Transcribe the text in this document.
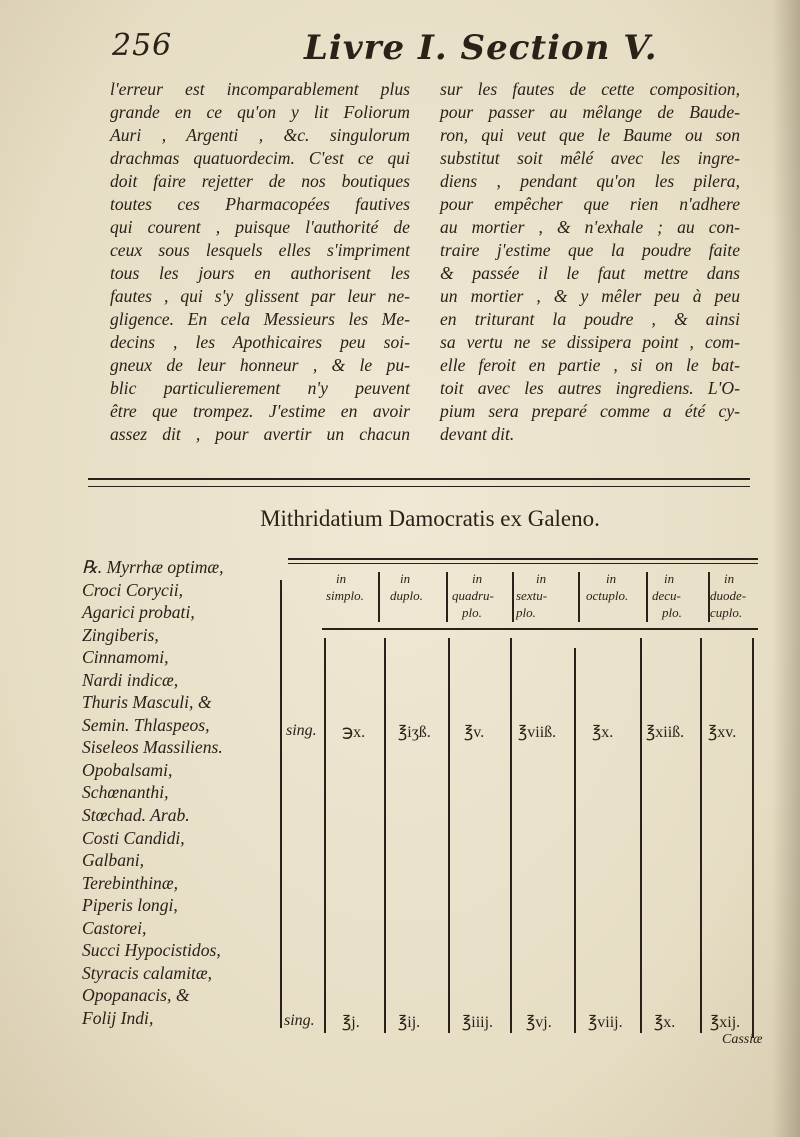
256	Livre I. Section V.
l'erreur est incomparablement plus
grande en ce qu'on y lit Foliorum
Auri , Argenti , &c. singulorum
drachmas quatuordecim. C'est ce qui
doit faire rejetter de nos boutiques
toutes ces Pharmacopées fautives
qui courent , puisque l'authorité de
ceux sous lesquels elles s'impriment
tous les jours en authorisent les
fautes , qui s'y glissent par leur ne-
gligence. En cela Messieurs les Me-
decins , les Apothicaires peu soi-
gneux de leur honneur , & le pu-
blic particulierement n'y peuvent
être que trompez. J'estime en avoir
assez dit , pour avertir un chacun
sur les fautes de cette composition,
pour passer au mêlange de Baude-
ron, qui veut que le Baume ou son
substitut soit mêlé avec les ingre-
diens , pendant qu'on les pilera,
pour empêcher que rien n'adhere
au mortier , & n'exhale ; au con-
traire j'estime que la poudre faite
& passée il le faut mettre dans
un mortier , & y mêler peu à peu
en triturant la poudre , & ainsi
sa vertu ne se dissipera point , com-
elle feroit en partie , si on le bat-
toit avec les autres ingrediens. L'O-
pium sera preparé comme a été cy-
devant dit.
Mithridatium Damocratis ex Galeno.
℞. Myrrhæ optimæ,
Croci Corycii,
Agarici probati,
Zingiberis,
Cinnamomi,
Nardi indicæ,
Thuris Masculi, &
Semin. Thlaspeos,
Siseleos Massiliens.
Opobalsami,
Schœnanthi,
Stœchad. Arab.
Costi Candidi,
Galbani,
Terebinthinæ,
Piperis longi,
Castorei,
Succi Hypocistidos,
Styracis calamitæ,
Opopanacis, &
Folij Indi,
in
simplo.
in
duplo.
in
quadru-
plo.
in
sextu-
plo.
in
octuplo.
in
decu-
plo.
in
duode-
cuplo.
sing. ℈x. ℥iʒß. ℥v. ℥viiß. ℥x. ℥xiiß. ℥xv.
sing. ℥j. ℥ij.	℥iiij. ℥vj. ℥viij. ℥x. ℥xij.
Cassiæ
